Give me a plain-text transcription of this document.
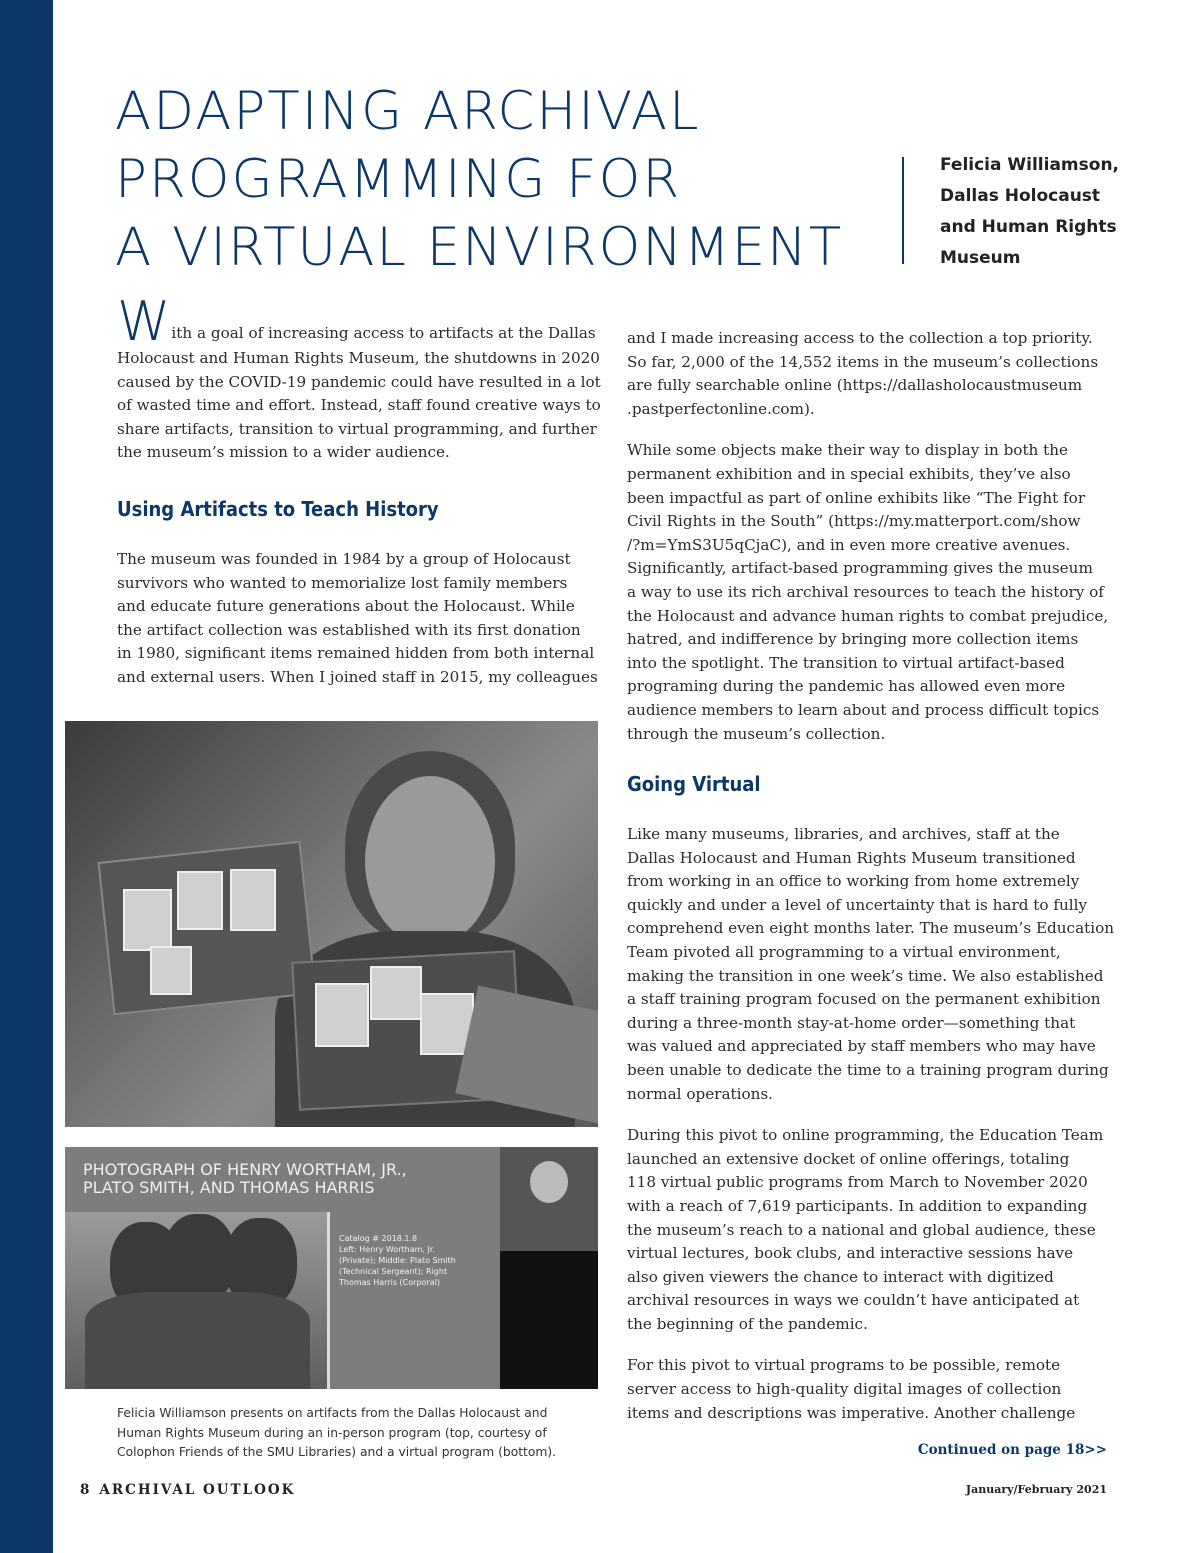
ADAPTING ARCHIVAL
PROGRAMMING FOR
A VIRTUAL ENVIRONMENT
Felicia Williamson,
Dallas Holocaust
and Human Rights
Museum

With a goal of increasing access to artifacts at the Dallas
Holocaust and Human Rights Museum, the shutdowns in 2020
caused by the COVID-19 pandemic could have resulted in a lot
of wasted time and effort. Instead, staff found creative ways to
share artifacts, transition to virtual programming, and further
the museum’s mission to a wider audience.

Using Artifacts to Teach History

The museum was founded in 1984 by a group of Holocaust
survivors who wanted to memorialize lost family members
and educate future generations about the Holocaust. While
the artifact collection was established with its first donation
in 1980, significant items remained hidden from both internal
and external users. When I joined staff in 2015, my colleagues

PHOTOGRAPH OF HENRY WORTHAM, JR.,
PLATO SMITH, AND THOMAS HARRIS
Catalog # 2018.1.8
Left: Henry Wortham, Jr.
(Private); Middle: Plato Smith
(Technical Sergeant); Right
Thomas Harris (Corporal)
Felicia Williamson presents on artifacts from the Dallas Holocaust and
Human Rights Museum during an in-person program (top, courtesy of
Colophon Friends of the SMU Libraries) and a virtual program (bottom).

and I made increasing access to the collection a top priority.
So far, 2,000 of the 14,552 items in the museum’s collections
are fully searchable online (https://dallasholocaustmuseum
.pastperfectonline.com).

While some objects make their way to display in both the
permanent exhibition and in special exhibits, they’ve also
been impactful as part of online exhibits like “The Fight for
Civil Rights in the South” (https://my.matterport.com/show
/?m=YmS3U5qCjaC), and in even more creative avenues.
Significantly, artifact-based programming gives the museum
a way to use its rich archival resources to teach the history of
the Holocaust and advance human rights to combat prejudice,
hatred, and indifference by bringing more collection items
into the spotlight. The transition to virtual artifact-based
programing during the pandemic has allowed even more
audience members to learn about and process difficult topics
through the museum’s collection.

Going Virtual

Like many museums, libraries, and archives, staff at the
Dallas Holocaust and Human Rights Museum transitioned
from working in an office to working from home extremely
quickly and under a level of uncertainty that is hard to fully
comprehend even eight months later. The museum’s Education
Team pivoted all programming to a virtual environment,
making the transition in one week’s time. We also established
a staff training program focused on the permanent exhibition
during a three-month stay-at-home order—something that
was valued and appreciated by staff members who may have
been unable to dedicate the time to a training program during
normal operations.

During this pivot to online programming, the Education Team
launched an extensive docket of online offerings, totaling
118 virtual public programs from March to November 2020
with a reach of 7,619 participants. In addition to expanding
the museum’s reach to a national and global audience, these
virtual lectures, book clubs, and interactive sessions have
also given viewers the chance to interact with digitized
archival resources in ways we couldn’t have anticipated at
the beginning of the pandemic.

For this pivot to virtual programs to be possible, remote
server access to high-quality digital images of collection
items and descriptions was imperative. Another challenge

Continued on page 18>>
8 ARCHIVAL OUTLOOK	January/February 2021
